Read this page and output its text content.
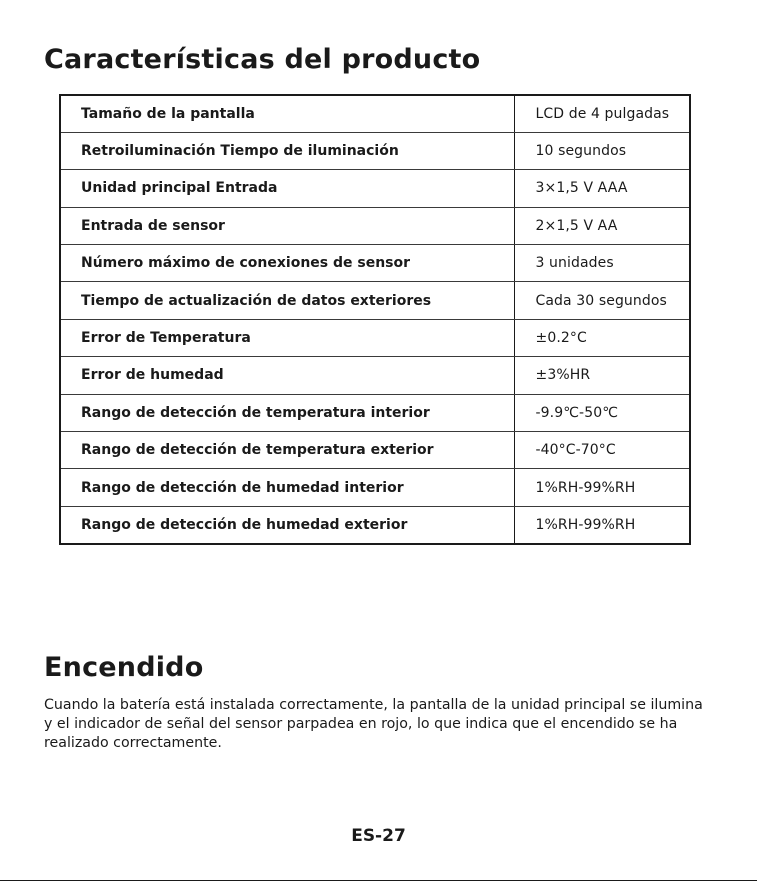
Características del producto
Tamaño de la pantalla	LCD de 4 pulgadas
Retroiluminación Tiempo de iluminación	10 segundos
Unidad principal Entrada	3×1,5 V AAA
Entrada de sensor	2×1,5 V AA
Número máximo de conexiones de sensor	3 unidades
Tiempo de actualización de datos exteriores	Cada 30 segundos
Error de Temperatura	±0.2°C
Error de humedad	±3%HR
Rango de detección de temperatura interior	-9.9℃-50℃
Rango de detección de temperatura exterior	-40°C-70°C
Rango de detección de humedad interior	1%RH-99%RH
Rango de detección de humedad exterior	1%RH-99%RH
Encendido

Cuando la batería está instalada correctamente, la pantalla de la unidad principal se ilumina y el indicador de señal del sensor parpadea en rojo, lo que indica que el encendido se ha realizado correctamente.

ES-27
